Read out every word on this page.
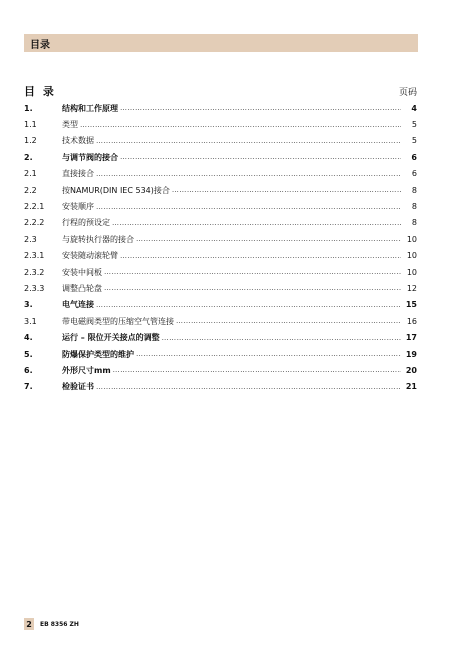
目录
目 录	页码
1.	结构和工作原理 ……………………………………………………………………………………………………………………………………………………………………………	4
1.1	类型 ……………………………………………………………………………………………………………………………………………………………………………	5
1.2	技术数据 ……………………………………………………………………………………………………………………………………………………………………………	5
2.	与调节阀的接合 ……………………………………………………………………………………………………………………………………………………………………………	6
2.1	直接接合 ……………………………………………………………………………………………………………………………………………………………………………	6
2.2	按NAMUR(DIN IEC 534)接合 ……………………………………………………………………………………………………………………………………………………………………………	8
2.2.1	安装顺序 ……………………………………………………………………………………………………………………………………………………………………………	8
2.2.2	行程的预设定 ……………………………………………………………………………………………………………………………………………………………………………	8
2.3	与旋转执行器的接合 ……………………………………………………………………………………………………………………………………………………………………………	10
2.3.1	安装随动滚轮臂 ……………………………………………………………………………………………………………………………………………………………………………	10
2.3.2	安装中间板 ……………………………………………………………………………………………………………………………………………………………………………	10
2.3.3	调整凸轮盘 ……………………………………………………………………………………………………………………………………………………………………………	12
3.	电气连接 ……………………………………………………………………………………………………………………………………………………………………………	15
3.1	带电磁阀类型的压缩空气管连接 ……………………………………………………………………………………………………………………………………………………………………………	16
4.	运行 – 限位开关接点的调整 ……………………………………………………………………………………………………………………………………………………………………………	17
5.	防爆保护类型的维护 ……………………………………………………………………………………………………………………………………………………………………………	19
6.	外形尺寸mm ……………………………………………………………………………………………………………………………………………………………………………	20
7.	检验证书 ……………………………………………………………………………………………………………………………………………………………………………	21
2	EB 8356 ZH
